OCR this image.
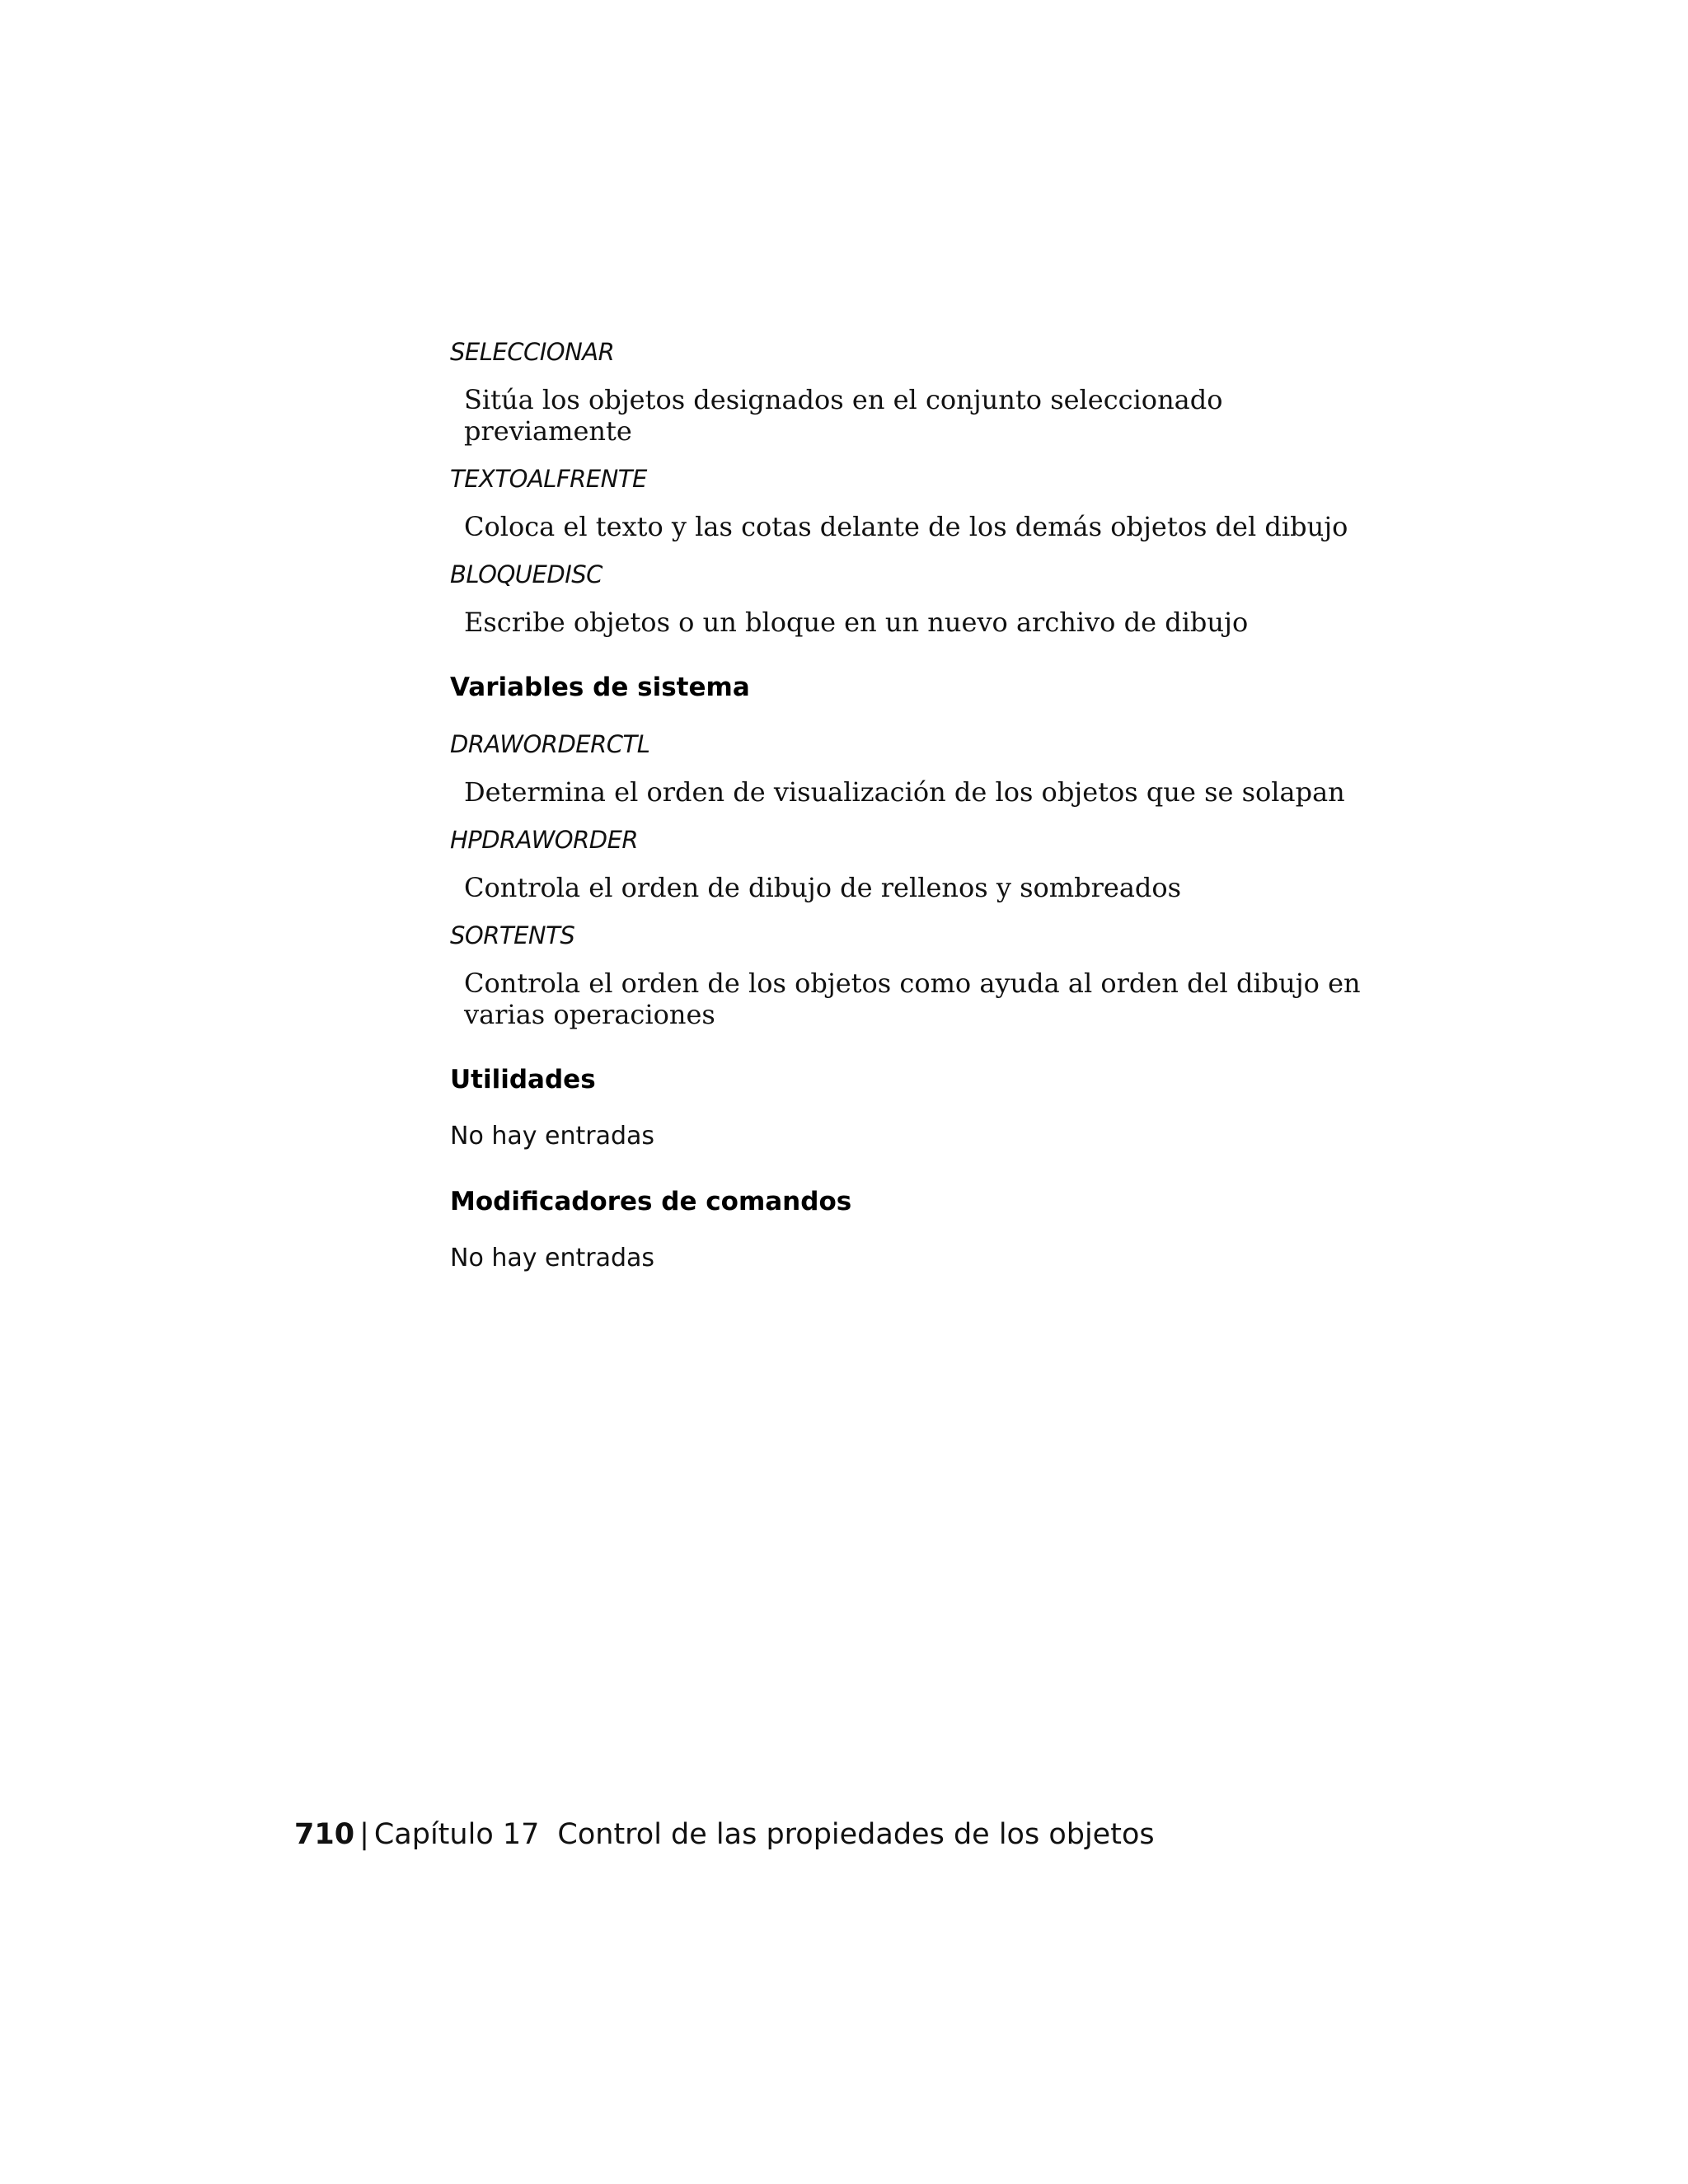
SELECCIONAR

Sitúa los objetos designados en el conjunto seleccionado previamente

TEXTOALFRENTE

Coloca el texto y las cotas delante de los demás objetos del dibujo

BLOQUEDISC

Escribe objetos o un bloque en un nuevo archivo de dibujo

Variables de sistema

DRAWORDERCTL

Determina el orden de visualización de los objetos que se solapan

HPDRAWORDER

Controla el orden de dibujo de rellenos y sombreados

SORTENTS

Controla el orden de los objetos como ayuda al orden del dibujo en varias operaciones

Utilidades

No hay entradas

Modificadores de comandos

No hay entradas

710 | Capítulo 17 Control de las propiedades de los objetos
